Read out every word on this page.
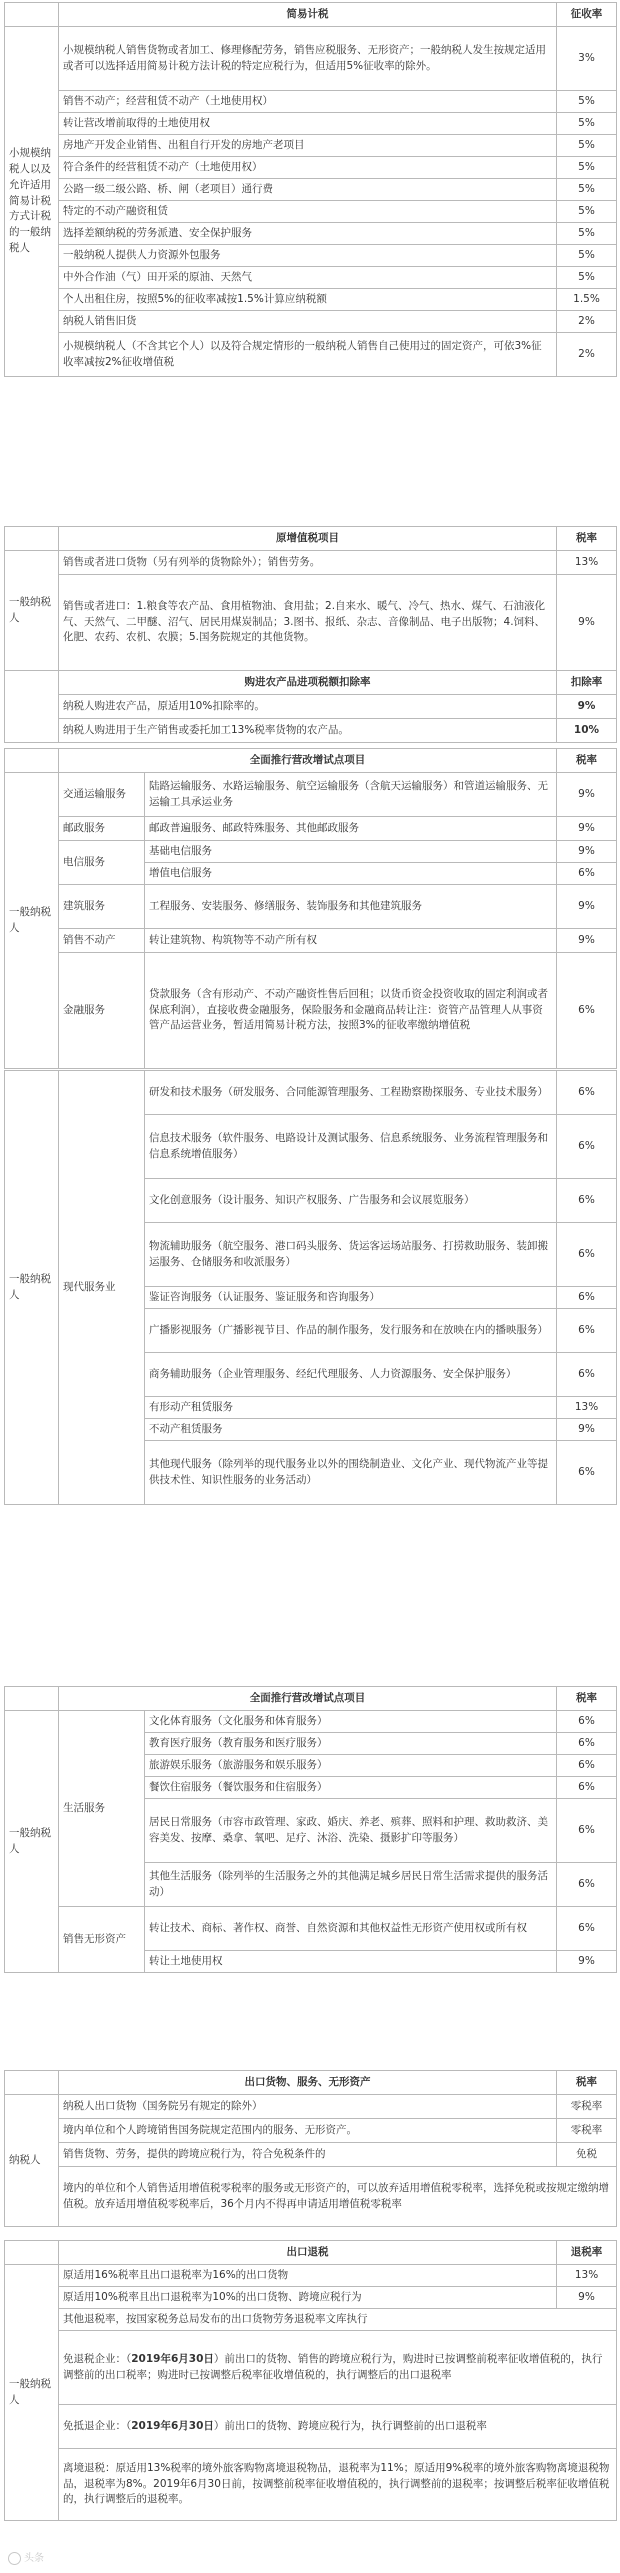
	简易计税	征收率
小规模纳税人以及允许适用简易计税方式计税的一般纳税人	小规模纳税人销售货物或者加工、修理修配劳务，销售应税服务、无形资产；一般纳税人发生按规定适用或者可以选择适用简易计税方法计税的特定应税行为，但适用5%征收率的除外。	3%
	销售不动产；经营租赁不动产（土地使用权）	5%
	转让营改增前取得的土地使用权	5%
	房地产开发企业销售、出租自行开发的房地产老项目	5%
	符合条件的经营租赁不动产（土地使用权）	5%
	公路一级二级公路、桥、闸（老项目）通行费	5%
	特定的不动产融资租赁	5%
	选择差额纳税的劳务派遣、安全保护服务	5%
	一般纳税人提供人力资源外包服务	5%
	中外合作油（气）田开采的原油、天然气	5%
	个人出租住房，按照5%的征收率减按1.5%计算应纳税额	1.5%
	纳税人销售旧货	2%
	小规模纳税人（不含其它个人）以及符合规定情形的一般纳税人销售自己使用过的固定资产，可依3%征收率减按2%征收增值税	2%
	原增值税项目	税率
一般纳税人	销售或者进口货物（另有列举的货物除外）；销售劳务。	13%
	销售或者进口：1.粮食等农产品、食用植物油、食用盐；2.自来水、暖气、冷气、热水、煤气、石油液化气、天然气、二甲醚、沼气、居民用煤炭制品；3.图书、报纸、杂志、音像制品、电子出版物；4.饲料、化肥、农药、农机、农膜；5.国务院规定的其他货物。	9%
	购进农产品进项税额扣除率	扣除率
	纳税人购进农产品，原适用10%扣除率的。	9%
	纳税人购进用于生产销售或委托加工13%税率货物的农产品。	10%
	全面推行营改增试点项目		税率
一般纳税人	交通运输服务	陆路运输服务、水路运输服务、航空运输服务（含航天运输服务）和管道运输服务、无运输工具承运业务	9%
	邮政服务	邮政普遍服务、邮政特殊服务、其他邮政服务	9%
	电信服务	基础电信服务	9%
		增值电信服务	6%
	建筑服务	工程服务、安装服务、修缮服务、装饰服务和其他建筑服务	9%
	销售不动产	转让建筑物、构筑物等不动产所有权	9%
	金融服务	贷款服务（含有形动产、不动产融资性售后回租；以货币资金投资收取的固定利润或者保底利润），直接收费金融服务，保险服务和金融商品转让注：资管产品管理人从事资管产品运营业务，暂适用简易计税方法，按照3%的征收率缴纳增值税	6%
一般纳税人	现代服务业	研发和技术服务（研发服务、合同能源管理服务、工程勘察勘探服务、专业技术服务）	6%
		信息技术服务（软件服务、电路设计及测试服务、信息系统服务、业务流程管理服务和信息系统增值服务）	6%
		文化创意服务（设计服务、知识产权服务、广告服务和会议展览服务）	6%
		物流辅助服务（航空服务、港口码头服务、货运客运场站服务、打捞救助服务、装卸搬运服务、仓储服务和收派服务）	6%
		鉴证咨询服务（认证服务、鉴证服务和咨询服务）	6%
		广播影视服务（广播影视节目、作品的制作服务，发行服务和在放映在内的播映服务）	6%
		商务辅助服务（企业管理服务、经纪代理服务、人力资源服务、安全保护服务）	6%
		有形动产租赁服务	13%
		不动产租赁服务	9%
		其他现代服务（除列举的现代服务业以外的围绕制造业、文化产业、现代物流产业等提供技术性、知识性服务的业务活动）	6%
	全面推行营改增试点项目		税率
一般纳税人	生活服务	文化体育服务（文化服务和体育服务）	6%
		教育医疗服务（教育服务和医疗服务）	6%
		旅游娱乐服务（旅游服务和娱乐服务）	6%
		餐饮住宿服务（餐饮服务和住宿服务）	6%
		居民日常服务（市容市政管理、家政、婚庆、养老、殡葬、照料和护理、救助救济、美容美发、按摩、桑拿、氧吧、足疗、沐浴、洗染、摄影扩印等服务）	6%
		其他生活服务（除列举的生活服务之外的其他满足城乡居民日常生活需求提供的服务活动）	6%
	销售无形资产	转让技术、商标、著作权、商誉、自然资源和其他权益性无形资产使用权或所有权	6%
		转让土地使用权	9%
	出口货物、服务、无形资产	税率
纳税人	纳税人出口货物（国务院另有规定的除外）	零税率
	境内单位和个人跨境销售国务院规定范围内的服务、无形资产。	零税率
	销售货物、劳务，提供的跨境应税行为，符合免税条件的	免税
	境内的单位和个人销售适用增值税零税率的服务或无形资产的，可以放弃适用增值税零税率，选择免税或按规定缴纳增值税。放弃适用增值税零税率后，36个月内不得再申请适用增值税零税率	
	出口退税	退税率
一般纳税人	原适用16%税率且出口退税率为16%的出口货物	13%
	原适用10%税率且出口退税率为10%的出口货物、跨境应税行为	9%
	其他退税率，按国家税务总局发布的出口货物劳务退税率文库执行	
	免退税企业：（2019年6月30日）前出口的货物、销售的跨境应税行为，购进时已按调整前税率征收增值税的，执行调整前的出口税率；购进时已按调整后税率征收增值税的，执行调整后的出口退税率	
	免抵退企业：（2019年6月30日）前出口的货物、跨境应税行为，执行调整前的出口退税率	
	离境退税：原适用13%税率的境外旅客购物离境退税物品，退税率为11%；原适用9%税率的境外旅客购物离境退税物品，退税率为8%。2019年6月30日前，按调整前税率征收增值税的，执行调整前的退税率；按调整后税率征收增值税的，执行调整后的退税率。	
头条
